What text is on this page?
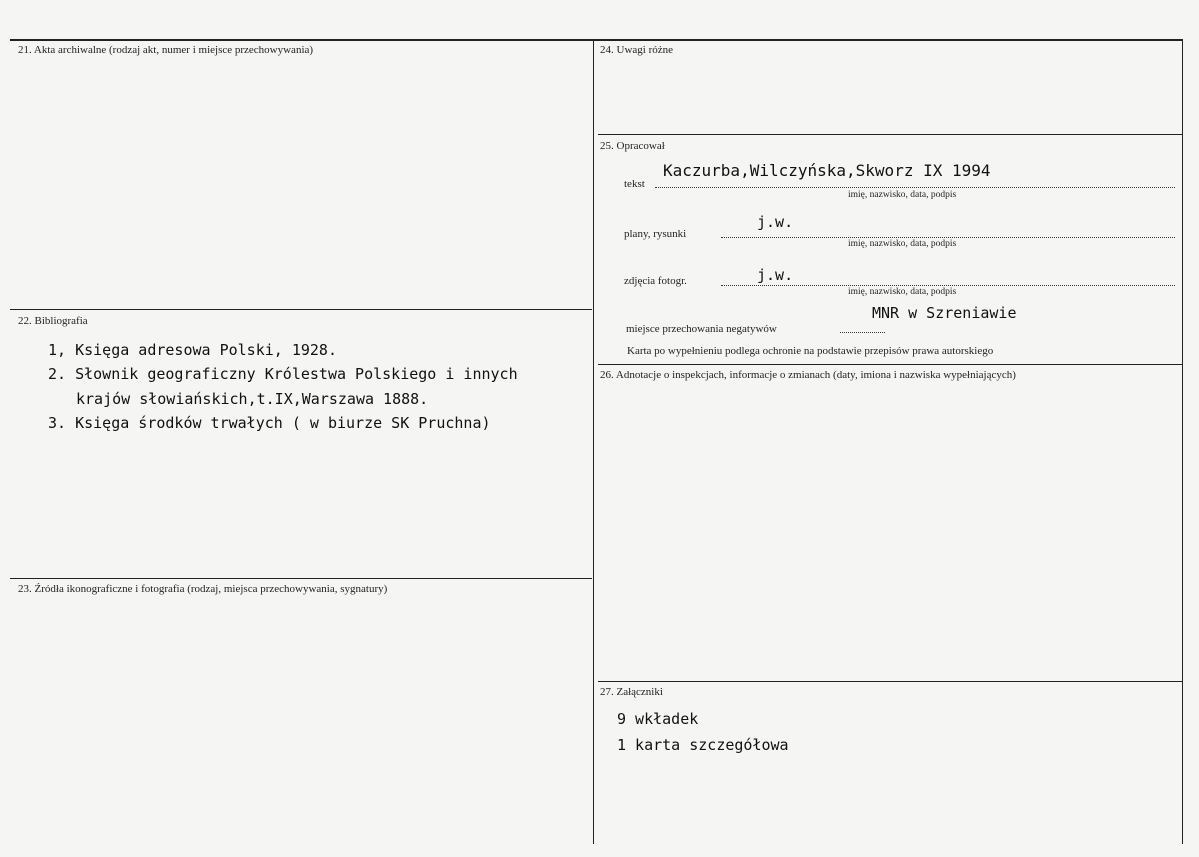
21. Akta archiwalne (rodzaj akt, numer i miejsce przechowywania)
22. Bibliografia
1, Księga adresowa Polski, 1928.
2. Słownik geograficzny Królestwa Polskiego i innych
krajów słowiańskich,t.IX,Warszawa 1888.
3. Księga środków trwałych ( w biurze SK Pruchna)
23. Źródła ikonograficzne i fotografia (rodzaj, miejsca przechowywania, sygnatury)
24. Uwagi różne
25. Opracował
tekst
Kaczurba,Wilczyńska,Skworz IX 1994
imię, nazwisko, data, podpis
plany, rysunki
j.w.
imię, nazwisko, data, podpis
zdjęcia fotogr.	j.w.
imię, nazwisko, data, podpis
miejsce przechowania negatywów
MNR w Szreniawie
Karta po wypełnieniu podlega ochronie na podstawie przepisów prawa autorskiego
26. Adnotacje o inspekcjach, informacje o zmianach (daty, imiona i nazwiska wypełniających)
27. Załączniki
9 wkładek
1 karta szczegółowa
